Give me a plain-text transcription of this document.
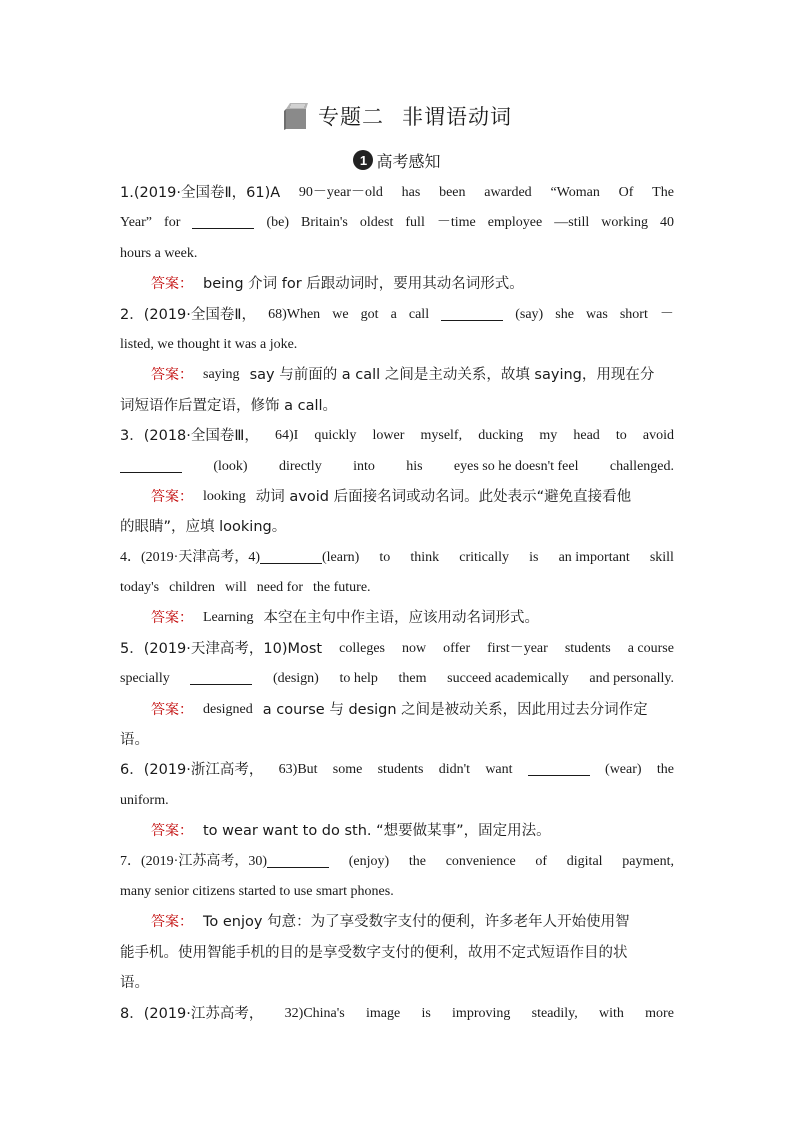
专题二 非谓语动词
1 高考感知
1.(2019·全国卷Ⅱ，61)A 90－year－old has been awarded “Woman Of The
Year” for	(be) Britain's oldest full －time employee —still working 40
hours a week.
答案： being 介词 for 后跟动词时，要用其动名词形式。
2．(2019·全国卷Ⅱ， 68)When we got a call	(say) she was short －
listed, we thought it was a joke.
答案： saying say 与前面的 a call 之间是主动关系，故填 saying，用现在分
词短语作后置定语，修饰 a call。
3．(2018·全国卷Ⅲ， 64)I quickly lower myself, ducking my head to avoid
(look) directly into his eyes so he doesn't feel challenged.
答案： looking 动词 avoid 后面接名词或动名词。此处表示“避免直接看他
的眼睛”，应填 looking。
4．(2019·天津高考，4)	(learn) to think critically is an important skill
today's children will need for the future.
答案： Learning 本空在主句中作主语，应该用动名词形式。
5．(2019·天津高考，10)Most colleges now offer first－year students a course
specially	(design) to help them succeed academically and personally.
答案： designed a course 与 design 之间是被动关系，因此用过去分词作定
语。
6．(2019·浙江高考， 63)But some students didn't want	(wear) the
uniform.
答案： to wear want to do sth. “想要做某事”，固定用法。
7．(2019·江苏高考，30)	(enjoy) the convenience of digital payment,
many senior citizens started to use smart phones.
答案： To enjoy 句意：为了享受数字支付的便利，许多老年人开始使用智
能手机。使用智能手机的目的是享受数字支付的便利，故用不定式短语作目的状
语。
8．(2019·江苏高考， 32)China's image is improving steadily, with more
